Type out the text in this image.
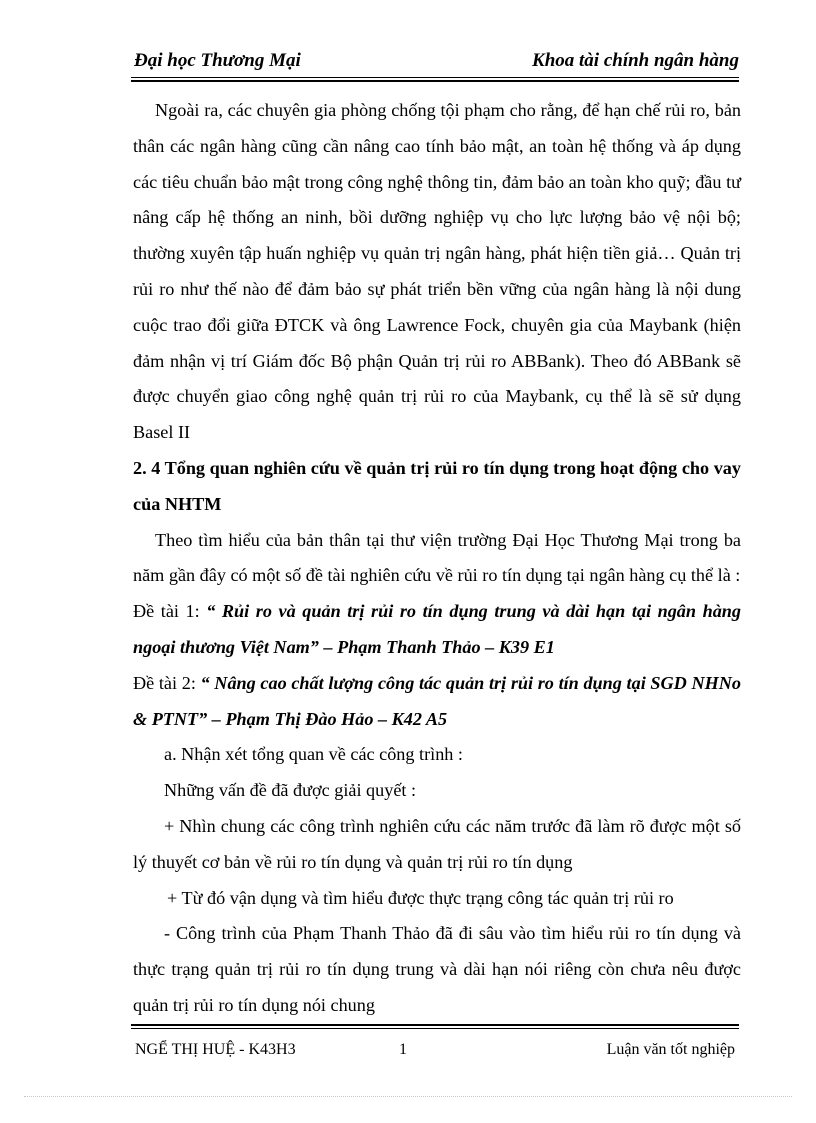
Đại học Thương Mại	Khoa tài chính ngân hàng

Ngoài ra, các chuyên gia phòng chống tội phạm cho rằng, để hạn chế rủi ro, bản thân các ngân hàng cũng cần nâng cao tính bảo mật, an toàn hệ thống và áp dụng các tiêu chuẩn bảo mật trong công nghệ thông tin, đảm bảo an toàn kho quỹ; đầu tư nâng cấp hệ thống an ninh, bồi dưỡng nghiệp vụ cho lực lượng bảo vệ nội bộ; thường xuyên tập huấn nghiệp vụ quản trị ngân hàng, phát hiện tiền giả… Quản trị rủi ro như thế nào để đảm bảo sự phát triển bền vững của ngân hàng là nội dung cuộc trao đổi giữa ĐTCK và ông Lawrence Fock, chuyên gia của Maybank (hiện đảm nhận vị trí Giám đốc Bộ phận Quản trị rủi ro ABBank). Theo đó ABBank sẽ được chuyển giao công nghệ quản trị rủi ro của Maybank, cụ thể là sẽ sử dụng Basel II

2. 4 Tổng quan nghiên cứu về quản trị rủi ro tín dụng trong hoạt động cho vay của NHTM

Theo tìm hiểu của bản thân tại thư viện trường Đại Học Thương Mại trong ba năm gần đây có một số đề tài nghiên cứu về rủi ro tín dụng tại ngân hàng cụ thể là :

Đề tài 1: “ Rủi ro và quản trị rủi ro tín dụng trung và dài hạn tại ngân hàng ngoại thương Việt Nam” – Phạm Thanh Thảo – K39 E1

Đề tài 2: “ Nâng cao chất lượng công tác quản trị rủi ro tín dụng tại SGD NHNo & PTNT” – Phạm Thị Đào Hảo – K42 A5

a. Nhận xét tổng quan về các công trình :

Những vấn đề đã được giải quyết :

+ Nhìn chung các công trình nghiên cứu các năm trước đã làm rõ được một số lý thuyết cơ bản về rủi ro tín dụng và quản trị rủi ro tín dụng

+ Từ đó vận dụng và tìm hiểu được thực trạng công tác quản trị rủi ro

- Công trình của Phạm Thanh Thảo đã đi sâu vào tìm hiểu rủi ro tín dụng và thực trạng quản trị rủi ro tín dụng trung và dài hạn nói riêng còn chưa nêu được quản trị rủi ro tín dụng nói chung

NGỂ THỊ HUỆ - K43H3	1	Luận văn tốt nghiệp
